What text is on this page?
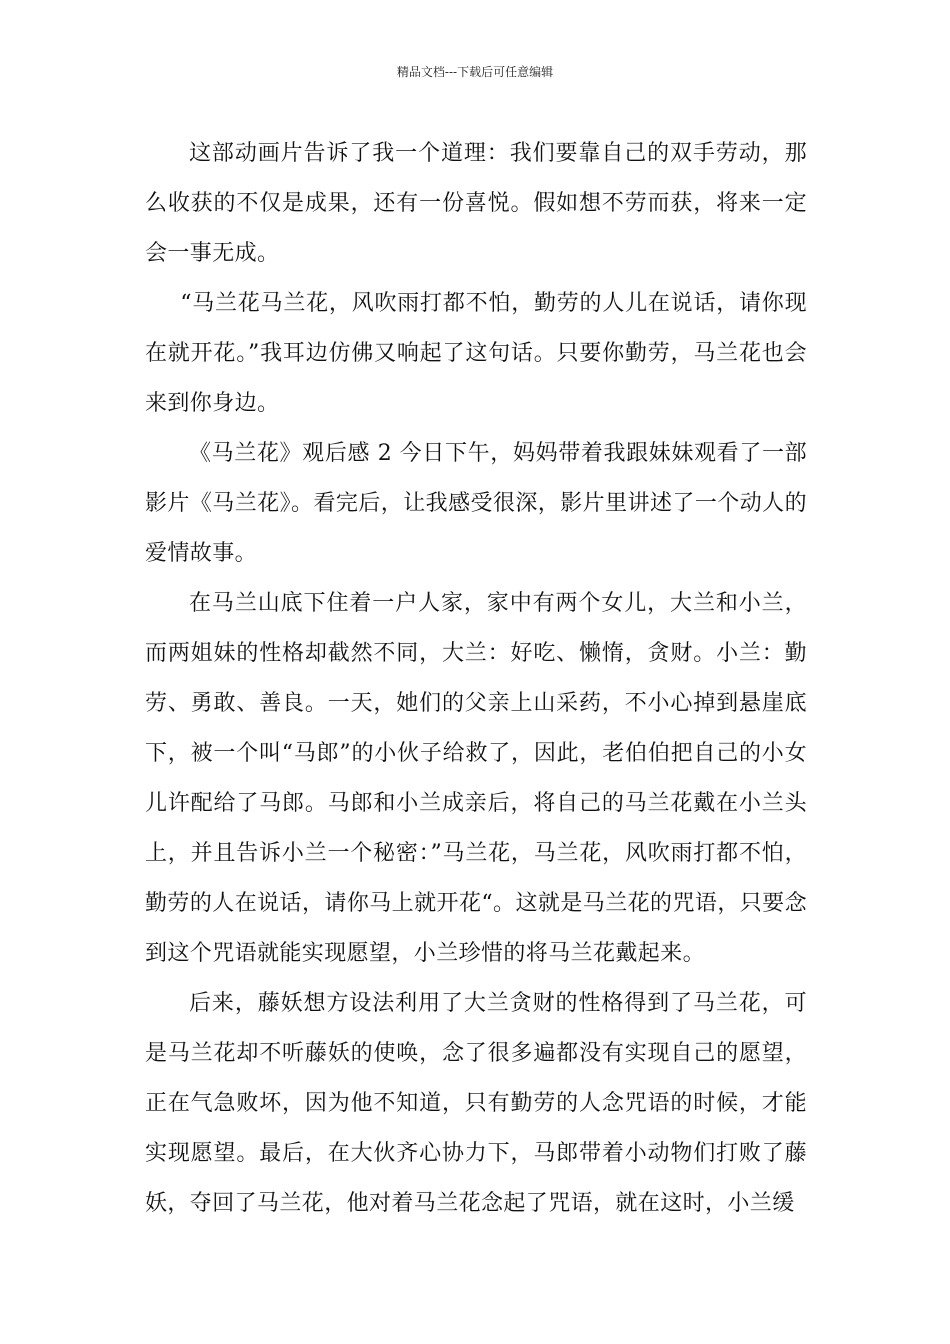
精品文档---下载后可任意编辑

这部动画片告诉了我一个道理：我们要靠自己的双手劳动，那么收获的不仅是成果，还有一份喜悦。假如想不劳而获，将来一定会一事无成。

“马兰花马兰花，风吹雨打都不怕，勤劳的人儿在说话，请你现在就开花。”我耳边仿佛又响起了这句话。只要你勤劳，马兰花也会来到你身边。

《马兰花》观后感 2 今日下午，妈妈带着我跟妹妹观看了一部影片《马兰花》。看完后，让我感受很深，影片里讲述了一个动人的爱情故事。

在马兰山底下住着一户人家，家中有两个女儿，大兰和小兰，而两姐妹的性格却截然不同，大兰：好吃、懒惰，贪财。小兰：勤劳、勇敢、善良。一天，她们的父亲上山采药，不小心掉到悬崖底下，被一个叫“马郎”的小伙子给救了，因此，老伯伯把自己的小女儿许配给了马郎。马郎和小兰成亲后，将自己的马兰花戴在小兰头上，并且告诉小兰一个秘密：”马兰花，马兰花，风吹雨打都不怕，勤劳的人在说话，请你马上就开花“。这就是马兰花的咒语，只要念到这个咒语就能实现愿望，小兰珍惜的将马兰花戴起来。

后来，藤妖想方设法利用了大兰贪财的性格得到了马兰花，可是马兰花却不听藤妖的使唤，念了很多遍都没有实现自己的愿望，正在气急败坏，因为他不知道，只有勤劳的人念咒语的时候，才能实现愿望。最后，在大伙齐心协力下，马郎带着小动物们打败了藤妖，夺回了马兰花，他对着马兰花念起了咒语，就在这时，小兰缓
